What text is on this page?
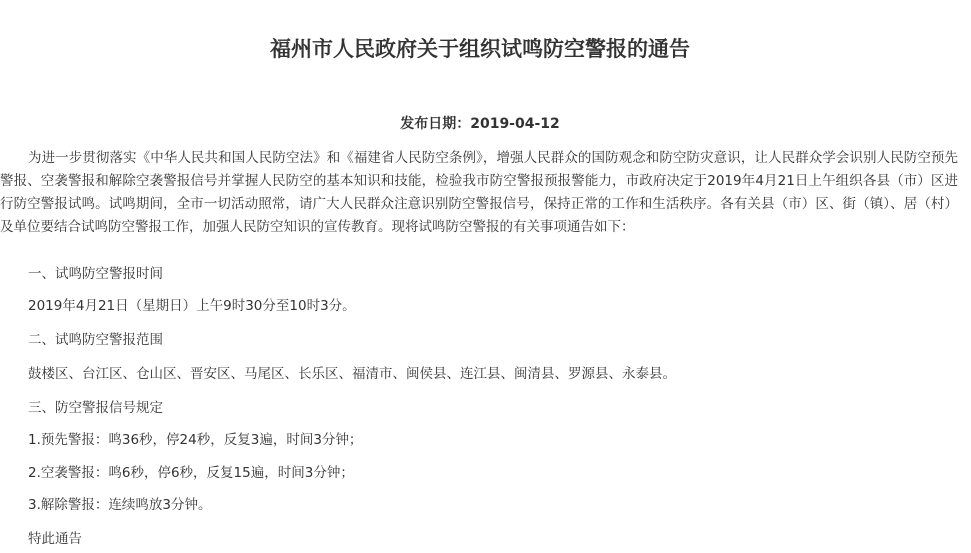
福州市人民政府关于组织试鸣防空警报的通告
发布日期：2019-04-12

为进一步贯彻落实《中华人民共和国人民防空法》和《福建省人民防空条例》，增强人民群众的国防观念和防空防灾意识，让人民群众学会识别人民防空预先警报、空袭警报和解除空袭警报信号并掌握人民防空的基本知识和技能，检验我市防空警报预报警能力，市政府决定于2019年4月21日上午组织各县（市）区进行防空警报试鸣。试鸣期间，全市一切活动照常，请广大人民群众注意识别防空警报信号，保持正常的工作和生活秩序。各有关县（市）区、街（镇）、居（村）及单位要结合试鸣防空警报工作，加强人民防空知识的宣传教育。现将试鸣防空警报的有关事项通告如下：

一、试鸣防空警报时间

2019年4月21日（星期日）上午9时30分至10时3分。

二、试鸣防空警报范围

鼓楼区、台江区、仓山区、晋安区、马尾区、长乐区、福清市、闽侯县、连江县、闽清县、罗源县、永泰县。

三、防空警报信号规定

1.预先警报：鸣36秒，停24秒，反复3遍，时间3分钟；

2.空袭警报：鸣6秒，停6秒，反复15遍，时间3分钟；

3.解除警报：连续鸣放3分钟。

特此通告
